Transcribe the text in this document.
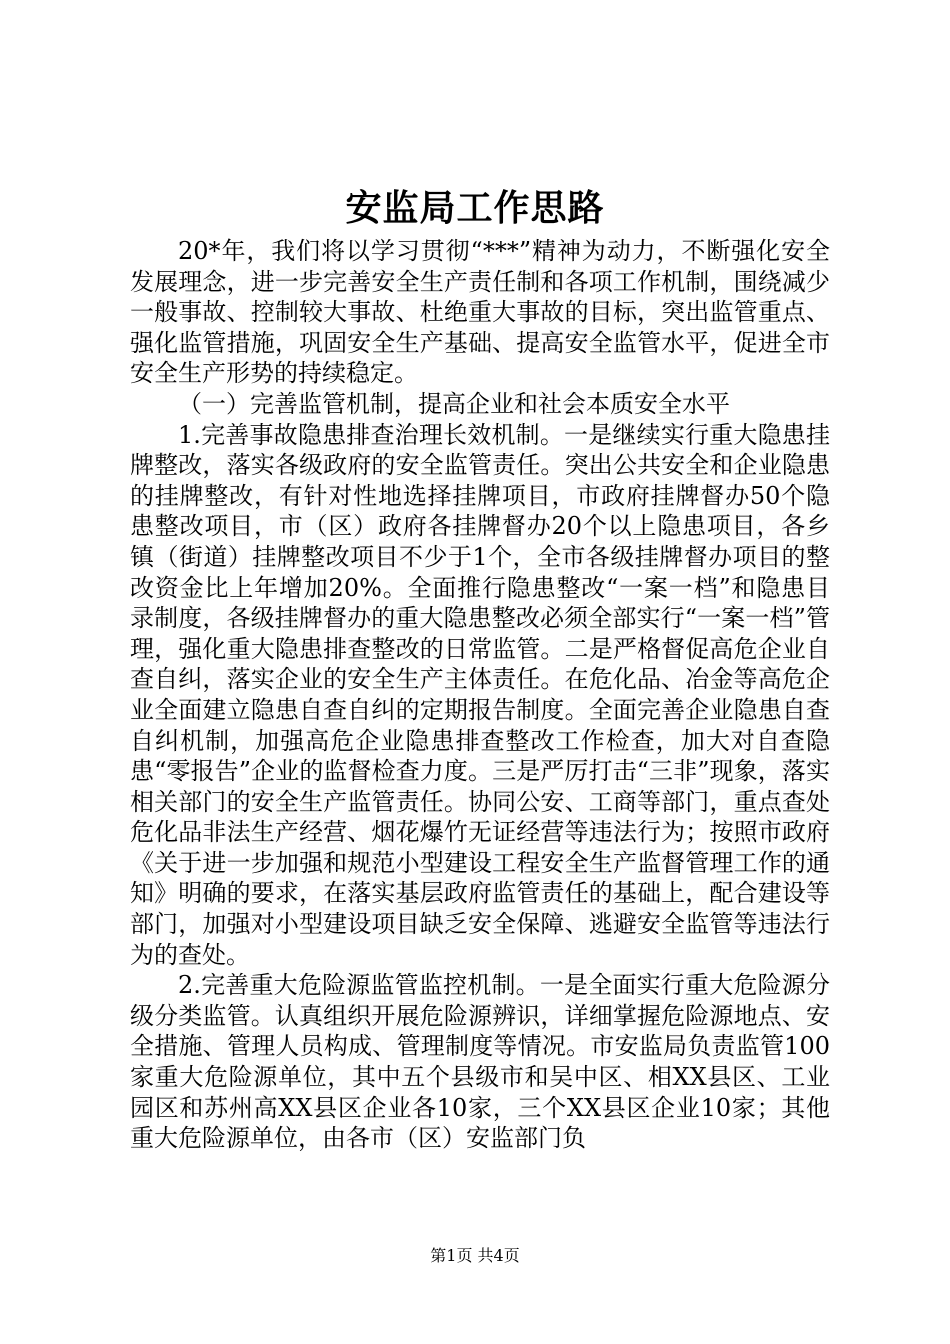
安监局工作思路

20*年，我们将以学习贯彻“***”精神为动力，不断强化安全发展理念，进一步完善安全生产责任制和各项工作机制，围绕减少一般事故、控制较大事故、杜绝重大事故的目标，突出监管重点、强化监管措施，巩固安全生产基础、提高安全监管水平，促进全市安全生产形势的持续稳定。

（一）完善监管机制，提高企业和社会本质安全水平

1.完善事故隐患排查治理长效机制。一是继续实行重大隐患挂牌整改，落实各级政府的安全监管责任。突出公共安全和企业隐患的挂牌整改，有针对性地选择挂牌项目，市政府挂牌督办50个隐患整改项目，市（区）政府各挂牌督办20个以上隐患项目，各乡镇（街道）挂牌整改项目不少于1个，全市各级挂牌督办项目的整改资金比上年增加20%。全面推行隐患整改“一案一档”和隐患目录制度，各级挂牌督办的重大隐患整改必须全部实行“一案一档”管理，强化重大隐患排查整改的日常监管。二是严格督促高危企业自查自纠，落实企业的安全生产主体责任。在危化品、冶金等高危企业全面建立隐患自查自纠的定期报告制度。全面完善企业隐患自查自纠机制，加强高危企业隐患排查整改工作检查，加大对自查隐患“零报告”企业的监督检查力度。三是严厉打击“三非”现象，落实相关部门的安全生产监管责任。协同公安、工商等部门，重点查处危化品非法生产经营、烟花爆竹无证经营等违法行为；按照市政府《关于进一步加强和规范小型建设工程安全生产监督管理工作的通知》明确的要求，在落实基层政府监管责任的基础上，配合建设等部门，加强对小型建设项目缺乏安全保障、逃避安全监管等违法行为的查处。

2.完善重大危险源监管监控机制。一是全面实行重大危险源分级分类监管。认真组织开展危险源辨识，详细掌握危险源地点、安全措施、管理人员构成、管理制度等情况。市安监局负责监管100家重大危险源单位，其中五个县级市和吴中区、相XX县区、工业园区和苏州高XX县区企业各10家，三个XX县区企业10家；其他重大危险源单位，由各市（区）安监部门负

第1页 共4页
